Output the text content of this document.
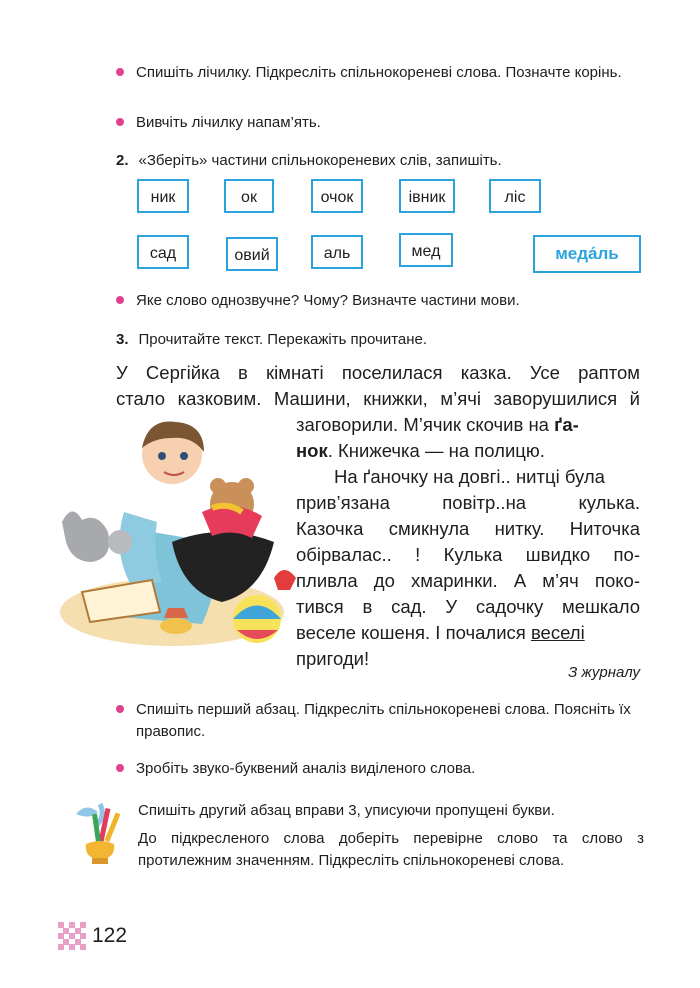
Спишіть лічилку. Підкресліть спільнокореневі слова. Позначте корінь.
Вивчіть лічилку напам’ять.
2. «Зберіть» частини спільнокореневих слів, запишіть.
ник	ок	очок	івник	ліс
сад	овий	аль	мед	меда́ль
Яке слово однозвучне? Чому? Визначте частини мови.
3. Прочитайте текст. Перекажіть прочитане.
У Сергійка в кімнаті поселилася казка. Усе раптом
стало казковим. Машини, книжки, м’ячі заворушилися й
заговорили. М’ячик скочив на ґа-
нок. Книжечка — на полицю.
На ґаночку на довгі.. нитці була
прив’язана повітр..на кулька.
Казочка смикнула нитку. Ниточка
обірвалас.. ! Кулька швидко по-
пливла до хмаринки. А м’яч поко-
тився в сад. У садочку мешкало
веселе кошеня. І почалися веселі
пригоди!
З журналу
Спишіть перший абзац. Підкресліть спільнокореневі слова. Поясніть їх правопис.
Зробіть звуко-буквений аналіз виділеного слова.
Спишіть другий абзац вправи 3, уписуючи пропущені букви.
До підкресленого слова доберіть перевірне слово та слово з протилежним значенням. Підкресліть спільнокореневі слова.
122
